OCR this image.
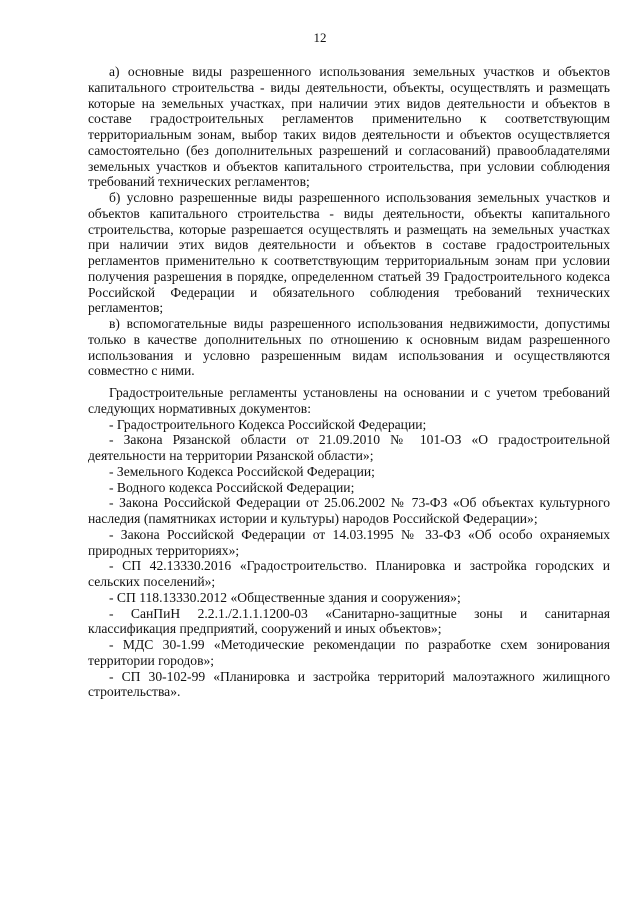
12

а) основные виды разрешенного использования земельных участков и объектов капитального строительства - виды деятельности, объекты, осуществлять и размещать которые на земельных участках, при наличии этих видов деятельности и объектов в составе градостроительных регламентов применительно к соответствующим территориальным зонам, выбор таких видов деятельности и объектов осуществляется самостоятельно (без дополнительных разрешений и согласований) правообладателями земельных участков и объектов капитального строительства, при условии соблюдения требований технических регламентов;

б) условно разрешенные виды разрешенного использования земельных участков и объектов капитального строительства - виды деятельности, объекты капитального строительства, которые разрешается осуществлять и размещать на земельных участках при наличии этих видов деятельности и объектов в составе градостроительных регламентов применительно к соответствующим территориальным зонам при условии получения разрешения в порядке, определенном статьей 39 Градостроительного кодекса Российской Федерации и обязательного соблюдения требований технических регламентов;

в) вспомогательные виды разрешенного использования недвижимости, допустимы только в качестве дополнительных по отношению к основным видам разрешенного использования и условно разрешенным видам использования и осуществляются совместно с ними.

Градостроительные регламенты установлены на основании и с учетом требований следующих нормативных документов:

- Градостроительного Кодекса Российской Федерации;

- Закона Рязанской области от 21.09.2010 № 101-ОЗ «О градостроительной деятельности на территории Рязанской области»;

- Земельного Кодекса Российской Федерации;

- Водного кодекса Российской Федерации;

- Закона Российской Федерации от 25.06.2002 № 73-ФЗ «Об объектах культурного наследия (памятниках истории и культуры) народов Российской Федерации»;

- Закона Российской Федерации от 14.03.1995 № 33-ФЗ «Об особо охраняемых природных территориях»;

- СП 42.13330.2016 «Градостроительство. Планировка и застройка городских и сельских поселений»;

- СП 118.13330.2012 «Общественные здания и сооружения»;

- СанПиН 2.2.1./2.1.1.1200-03 «Санитарно-защитные зоны и санитарная классификация предприятий, сооружений и иных объектов»;

- МДС 30-1.99 «Методические рекомендации по разработке схем зонирования территории городов»;

- СП 30-102-99 «Планировка и застройка территорий малоэтажного жилищного строительства».
